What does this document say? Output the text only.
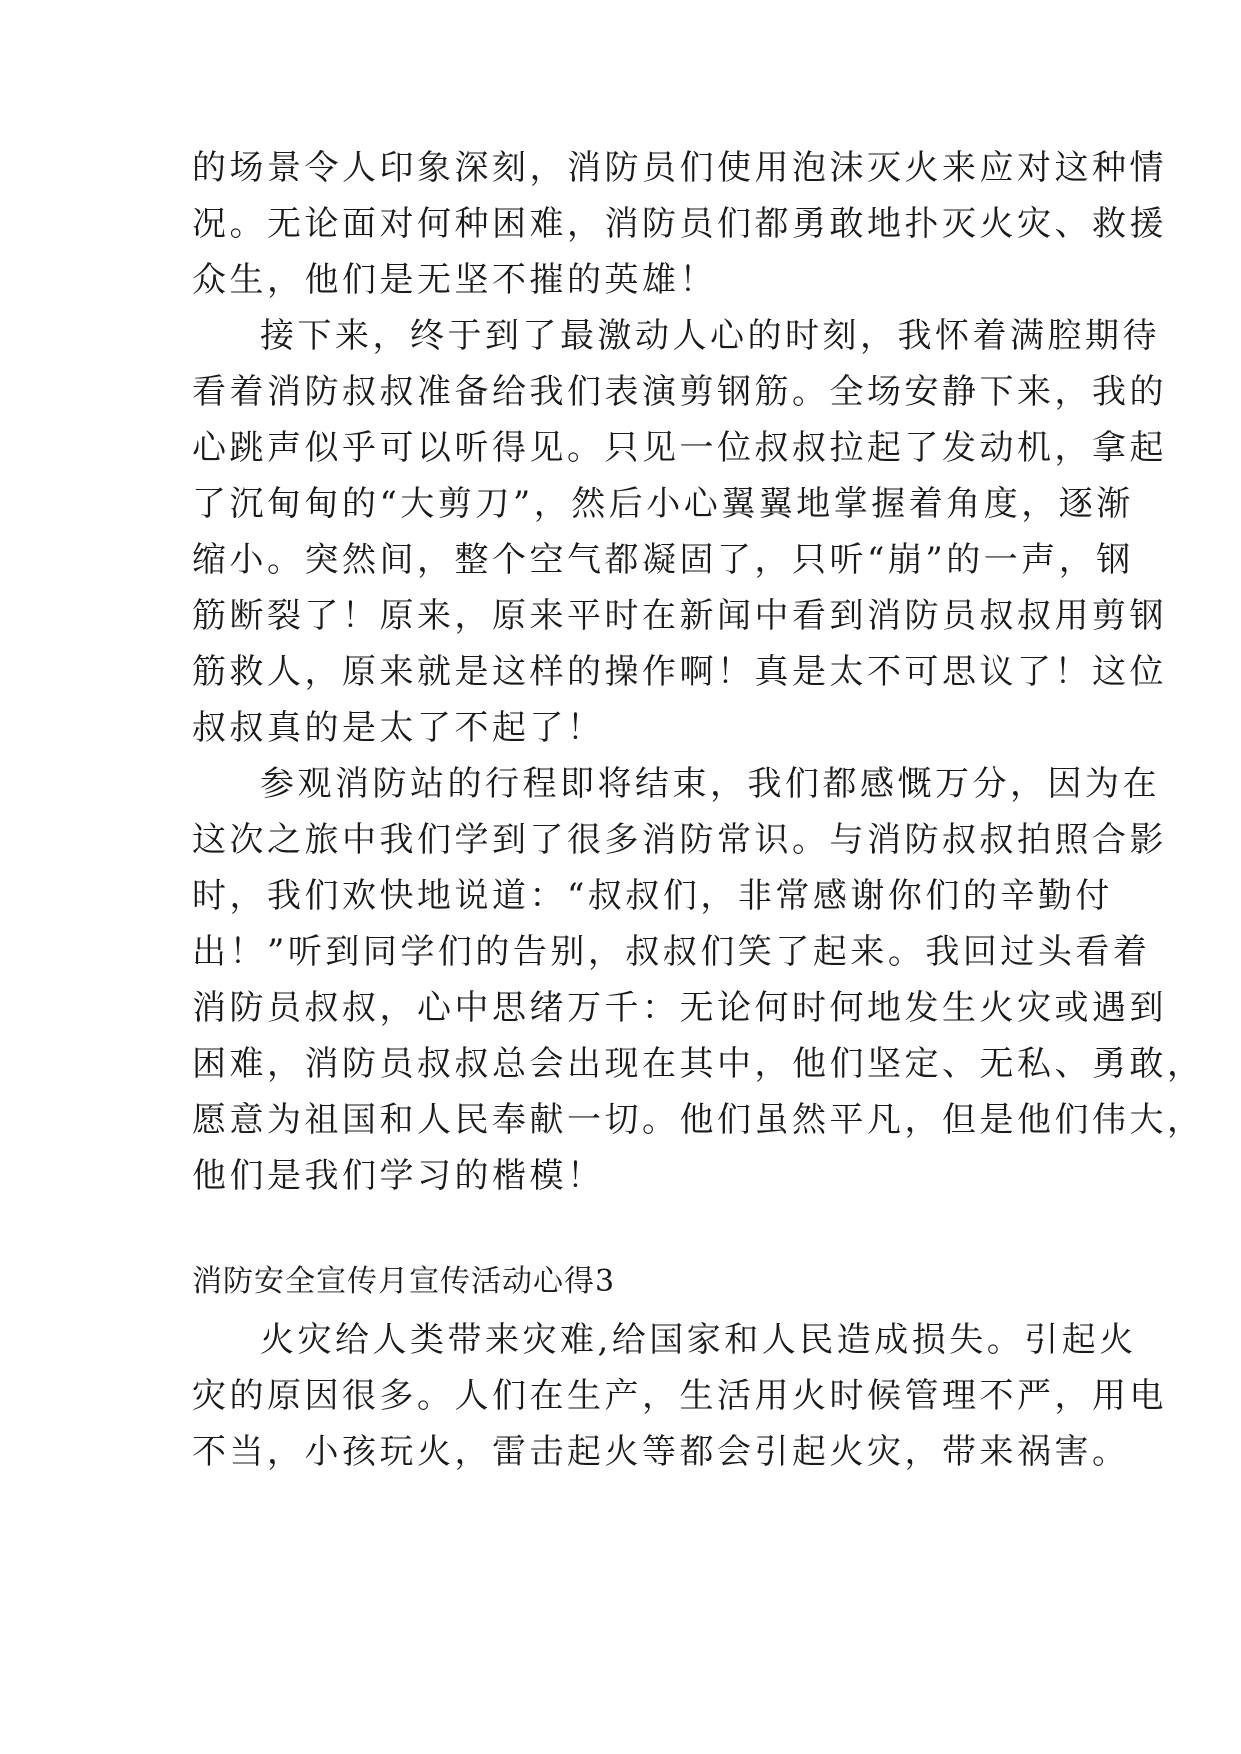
的场景令人印象深刻，消防员们使用泡沫灭火来应对这种情
况。无论面对何种困难，消防员们都勇敢地扑灭火灾、救援
众生，他们是无坚不摧的英雄！
接下来，终于到了最激动人心的时刻，我怀着满腔期待
看着消防叔叔准备给我们表演剪钢筋。全场安静下来，我的
心跳声似乎可以听得见。只见一位叔叔拉起了发动机，拿起
了沉甸甸的“大剪刀”，然后小心翼翼地掌握着角度，逐渐
缩小。突然间，整个空气都凝固了，只听“崩”的一声，钢
筋断裂了！原来，原来平时在新闻中看到消防员叔叔用剪钢
筋救人，原来就是这样的操作啊！真是太不可思议了！这位
叔叔真的是太了不起了！
参观消防站的行程即将结束，我们都感慨万分，因为在
这次之旅中我们学到了很多消防常识。与消防叔叔拍照合影
时，我们欢快地说道：“叔叔们，非常感谢你们的辛勤付
出！”听到同学们的告别，叔叔们笑了起来。我回过头看着
消防员叔叔，心中思绪万千：无论何时何地发生火灾或遇到
困难，消防员叔叔总会出现在其中，他们坚定、无私、勇敢，
愿意为祖国和人民奉献一切。他们虽然平凡，但是他们伟大，
他们是我们学习的楷模！
消防安全宣传月宣传活动心得3
火灾给人类带来灾难,给国家和人民造成损失。引起火
灾的原因很多。人们在生产，生活用火时候管理不严，用电
不当，小孩玩火，雷击起火等都会引起火灾，带来祸害。
